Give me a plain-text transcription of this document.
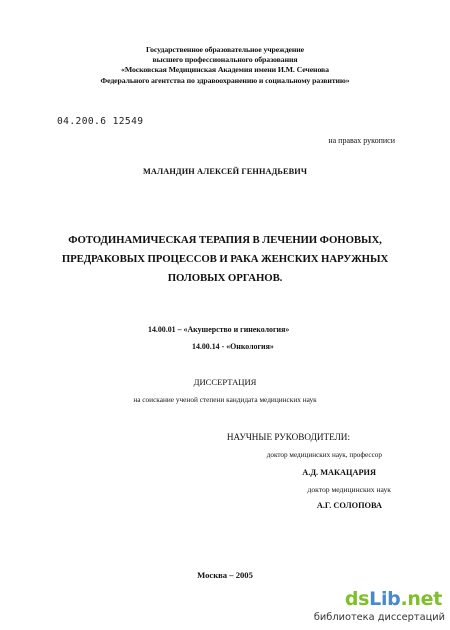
Государственное образовательное учреждение
высшего профессионального образования
«Московская Медицинская Академия имени И.М. Сеченова
Федерального агентства по здравоохранению и социальному развитию»
04.200.6 12549
на правах рукописи
МАЛАНДИН АЛЕКСЕЙ ГЕННАДЬЕВИЧ
ФОТОДИНАМИЧЕСКАЯ ТЕРАПИЯ В ЛЕЧЕНИИ ФОНОВЫХ,
ПРЕДРАКОВЫХ ПРОЦЕССОВ И РАКА ЖЕНСКИХ НАРУЖНЫХ
ПОЛОВЫХ ОРГАНОВ.
14.00.01 – «Акушерство и гинекология»
14.00.14 - «Онкология»
ДИССЕРТАЦИЯ
на соискание ученой степени кандидата медицинских наук
НАУЧНЫЕ РУКОВОДИТЕЛИ:
доктор медицинских наук, профессор
А.Д. МАКАЦАРИЯ
доктор медицинских наук
А.Г. СОЛОПОВА
Москва – 2005
dsLib.net
библиотека диссертаций
